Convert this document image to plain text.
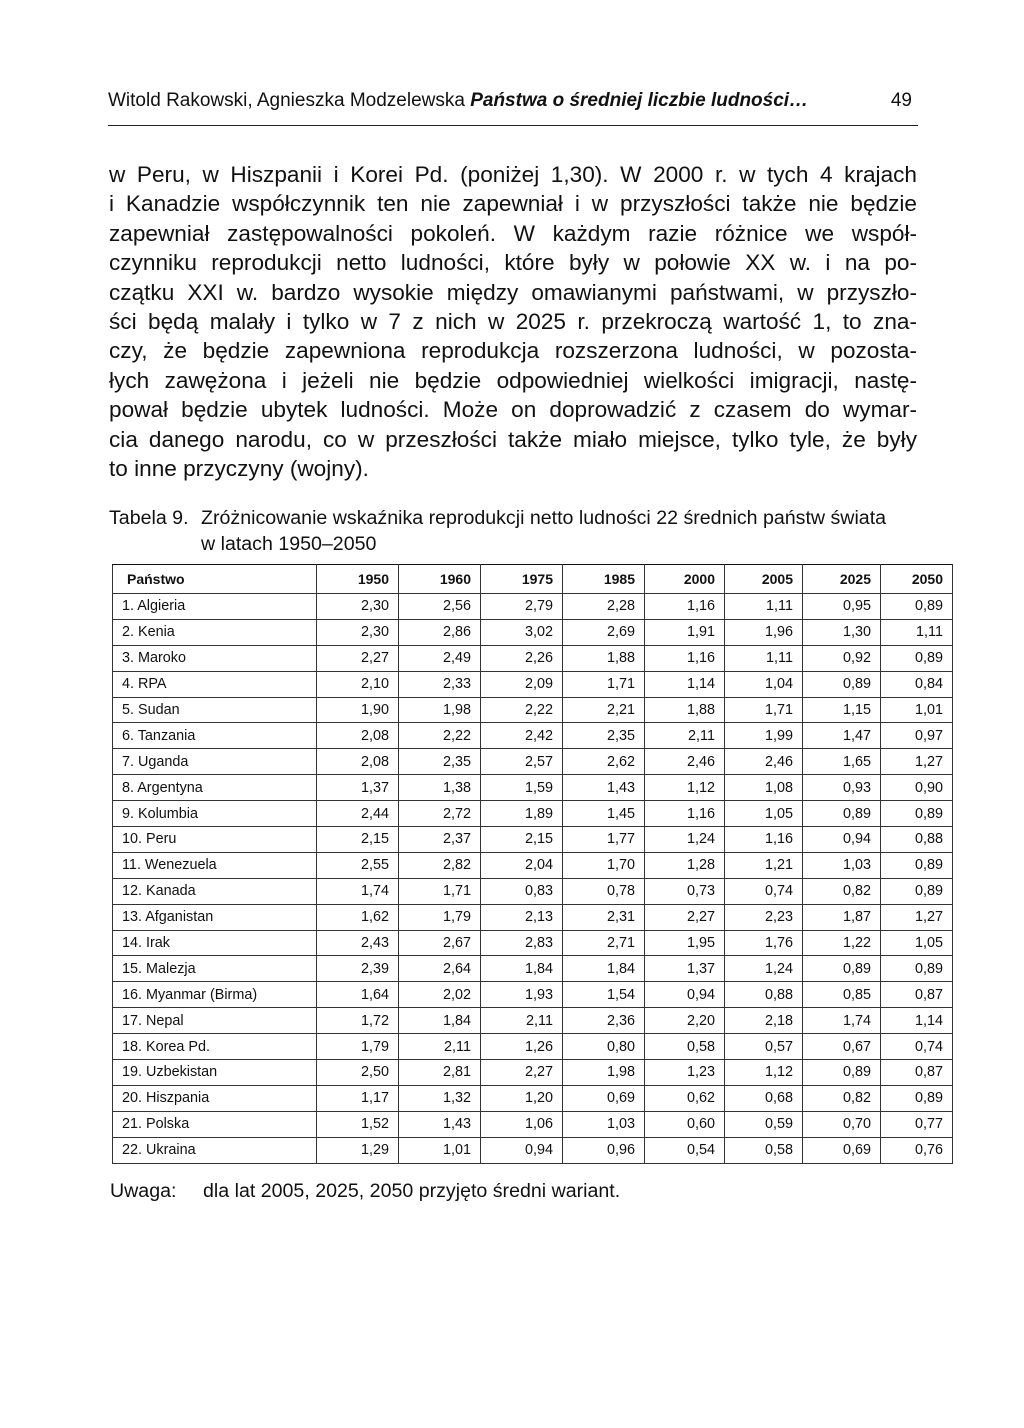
Witold Rakowski, Agnieszka Modzelewska Państwa o średniej liczbie ludności…	49
w Peru, w Hiszpanii i Korei Pd. (poniżej 1,30). W 2000 r. w tych 4 krajach
i Kanadzie współczynnik ten nie zapewniał i w przyszłości także nie będzie
zapewniał zastępowalności pokoleń. W każdym razie różnice we współ-
czynniku reprodukcji netto ludności, które były w połowie XX w. i na po-
czątku XXI w. bardzo wysokie między omawianymi państwami, w przyszło-
ści będą malały i tylko w 7 z nich w 2025 r. przekroczą wartość 1, to zna-
czy, że będzie zapewniona reprodukcja rozszerzona ludności, w pozosta-
łych zawężona i jeżeli nie będzie odpowiedniej wielkości imigracji, nastę-
pował będzie ubytek ludności. Może on doprowadzić z czasem do wymar-
cia danego narodu, co w przeszłości także miało miejsce, tylko tyle, że były
to inne przyczyny (wojny).
Tabela 9. Zróżnicowanie wskaźnika reprodukcji netto ludności 22 średnich państw świata
w latach 1950–2050
Państwo	1950	1960	1975	1985	2000	2005	2025	2050
1. Algieria	2,30	2,56	2,79	2,28	1,16	1,11	0,95	0,89
2. Kenia	2,30	2,86	3,02	2,69	1,91	1,96	1,30	1,11
3. Maroko	2,27	2,49	2,26	1,88	1,16	1,11	0,92	0,89
4. RPA	2,10	2,33	2,09	1,71	1,14	1,04	0,89	0,84
5. Sudan	1,90	1,98	2,22	2,21	1,88	1,71	1,15	1,01
6. Tanzania	2,08	2,22	2,42	2,35	2,11	1,99	1,47	0,97
7. Uganda	2,08	2,35	2,57	2,62	2,46	2,46	1,65	1,27
8. Argentyna	1,37	1,38	1,59	1,43	1,12	1,08	0,93	0,90
9. Kolumbia	2,44	2,72	1,89	1,45	1,16	1,05	0,89	0,89
10. Peru	2,15	2,37	2,15	1,77	1,24	1,16	0,94	0,88
11. Wenezuela	2,55	2,82	2,04	1,70	1,28	1,21	1,03	0,89
12. Kanada	1,74	1,71	0,83	0,78	0,73	0,74	0,82	0,89
13. Afganistan	1,62	1,79	2,13	2,31	2,27	2,23	1,87	1,27
14. Irak	2,43	2,67	2,83	2,71	1,95	1,76	1,22	1,05
15. Malezja	2,39	2,64	1,84	1,84	1,37	1,24	0,89	0,89
16. Myanmar (Birma)	1,64	2,02	1,93	1,54	0,94	0,88	0,85	0,87
17. Nepal	1,72	1,84	2,11	2,36	2,20	2,18	1,74	1,14
18. Korea Pd.	1,79	2,11	1,26	0,80	0,58	0,57	0,67	0,74
19. Uzbekistan	2,50	2,81	2,27	1,98	1,23	1,12	0,89	0,87
20. Hiszpania	1,17	1,32	1,20	0,69	0,62	0,68	0,82	0,89
21. Polska	1,52	1,43	1,06	1,03	0,60	0,59	0,70	0,77
22. Ukraina	1,29	1,01	0,94	0,96	0,54	0,58	0,69	0,76
Uwaga: dla lat 2005, 2025, 2050 przyjęto średni wariant.
